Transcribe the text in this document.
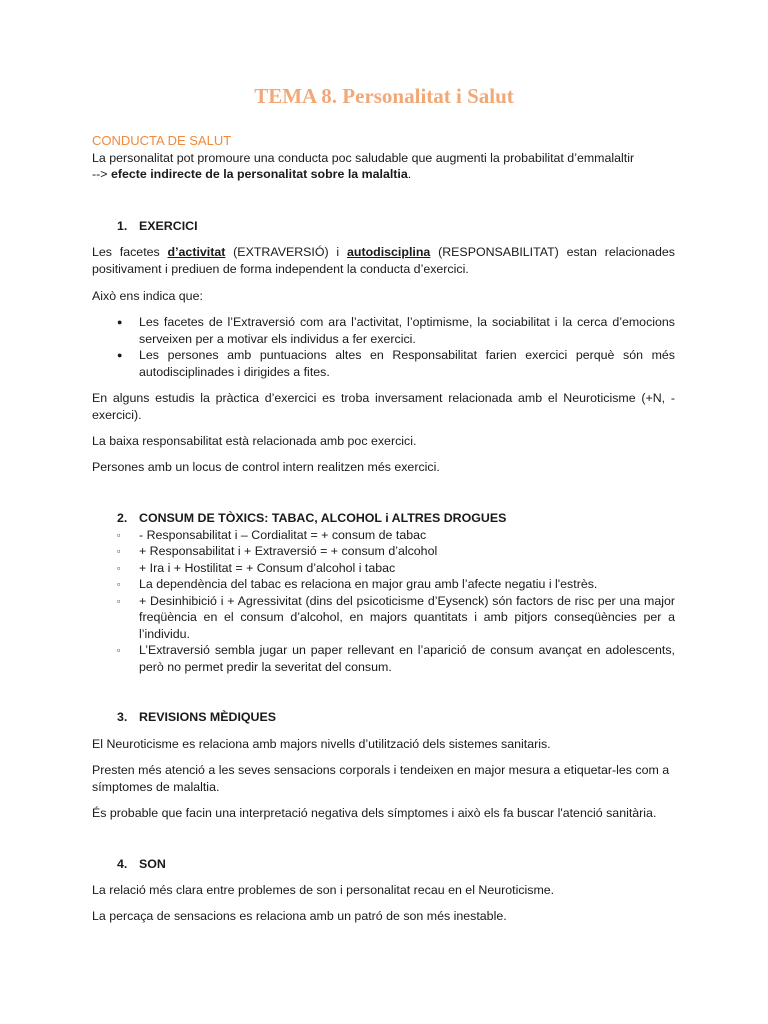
TEMA 8. Personalitat i Salut
CONDUCTA DE SALUT
La personalitat pot promoure una conducta poc saludable que augmenti la probabilitat d’emmalaltir
--> efecte indirecte de la personalitat sobre la malaltia.
1. EXERCICI
Les facetes d’activitat (EXTRAVERSIÓ) i autodisciplina (RESPONSABILITAT) estan relacionades positivament i prediuen de forma independent la conducta d’exercici.
Això ens indica que:
● Les facetes de l’Extraversió com ara l’activitat, l’optimisme, la sociabilitat i la cerca d’emocions serveixen per a motivar els individus a fer exercici.
● Les persones amb puntuacions altes en Responsabilitat farien exercici perquè són més autodisciplinades i dirigides a fites.
En alguns estudis la pràctica d’exercici es troba inversament relacionada amb el Neuroticisme (+N, -exercici).
La baixa responsabilitat està relacionada amb poc exercici.
Persones amb un locus de control intern realitzen més exercici.
2. CONSUM DE TÒXICS: TABAC, ALCOHOL i ALTRES DROGUES
▫ - Responsabilitat i – Cordialitat = + consum de tabac
▫ + Responsabilitat i + Extraversió = + consum d’alcohol
▫ + Ira i + Hostilitat = + Consum d’alcohol i tabac
▫ La dependència del tabac es relaciona en major grau amb l’afecte negatiu i l'estrès.
▫ + Desinhibició i + Agressivitat (dins del psicoticisme d’Eysenck) són factors de risc per una major freqüència en el consum d’alcohol, en majors quantitats i amb pitjors conseqüències per a l’individu.
▫ L’Extraversió sembla jugar un paper rellevant en l’aparició de consum avançat en adolescents, però no permet predir la severitat del consum.
3. REVISIONS MÈDIQUES
El Neuroticisme es relaciona amb majors nivells d’utilització dels sistemes sanitaris.
Presten més atenció a les seves sensacions corporals i tendeixen en major mesura a etiquetar-les com a símptomes de malaltia.
És probable que facin una interpretació negativa dels símptomes i això els fa buscar l'atenció sanitària.
4. SON
La relació més clara entre problemes de son i personalitat recau en el Neuroticisme.
La percaça de sensacions es relaciona amb un patró de son més inestable.
